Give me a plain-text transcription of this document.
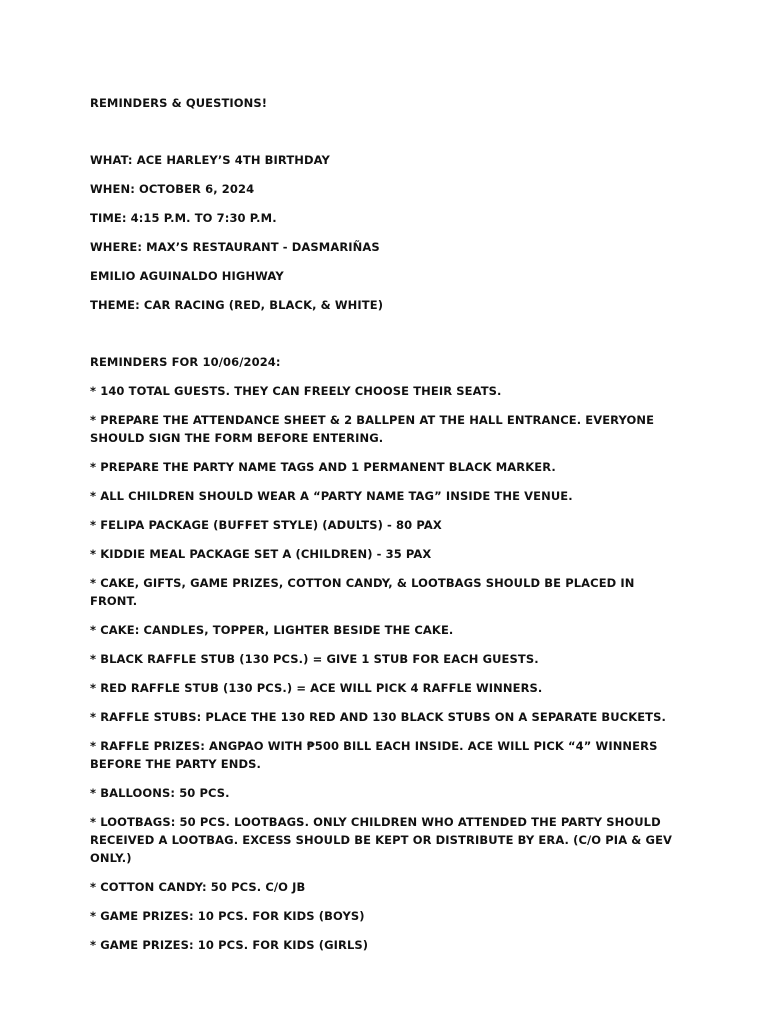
REMINDERS & QUESTIONS!
WHAT: ACE HARLEY’S 4TH BIRTHDAY
WHEN: OCTOBER 6, 2024
TIME: 4:15 P.M. TO 7:30 P.M.
WHERE: MAX’S RESTAURANT - DASMARIÑAS
EMILIO AGUINALDO HIGHWAY
THEME: CAR RACING (RED, BLACK, & WHITE)
REMINDERS FOR 10/06/2024:
* 140 TOTAL GUESTS. THEY CAN FREELY CHOOSE THEIR SEATS.
* PREPARE THE ATTENDANCE SHEET & 2 BALLPEN AT THE HALL ENTRANCE. EVERYONE SHOULD SIGN THE FORM BEFORE ENTERING.
* PREPARE THE PARTY NAME TAGS AND 1 PERMANENT BLACK MARKER.
* ALL CHILDREN SHOULD WEAR A “PARTY NAME TAG” INSIDE THE VENUE.
* FELIPA PACKAGE (BUFFET STYLE) (ADULTS) - 80 PAX
* KIDDIE MEAL PACKAGE SET A (CHILDREN) - 35 PAX
* CAKE, GIFTS, GAME PRIZES, COTTON CANDY, & LOOTBAGS SHOULD BE PLACED IN FRONT.
* CAKE: CANDLES, TOPPER, LIGHTER BESIDE THE CAKE.
* BLACK RAFFLE STUB (130 PCS.) = GIVE 1 STUB FOR EACH GUESTS.
* RED RAFFLE STUB (130 PCS.) = ACE WILL PICK 4 RAFFLE WINNERS.
* RAFFLE STUBS: PLACE THE 130 RED AND 130 BLACK STUBS ON A SEPARATE BUCKETS.
* RAFFLE PRIZES: ANGPAO WITH ₱500 BILL EACH INSIDE. ACE WILL PICK “4” WINNERS BEFORE THE PARTY ENDS.
* BALLOONS: 50 PCS.
* LOOTBAGS: 50 PCS. LOOTBAGS. ONLY CHILDREN WHO ATTENDED THE PARTY SHOULD RECEIVED A LOOTBAG. EXCESS SHOULD BE KEPT OR DISTRIBUTE BY ERA. (C/O PIA & GEV ONLY.)
* COTTON CANDY: 50 PCS. C/O JB
* GAME PRIZES: 10 PCS. FOR KIDS (BOYS)
* GAME PRIZES: 10 PCS. FOR KIDS (GIRLS)
